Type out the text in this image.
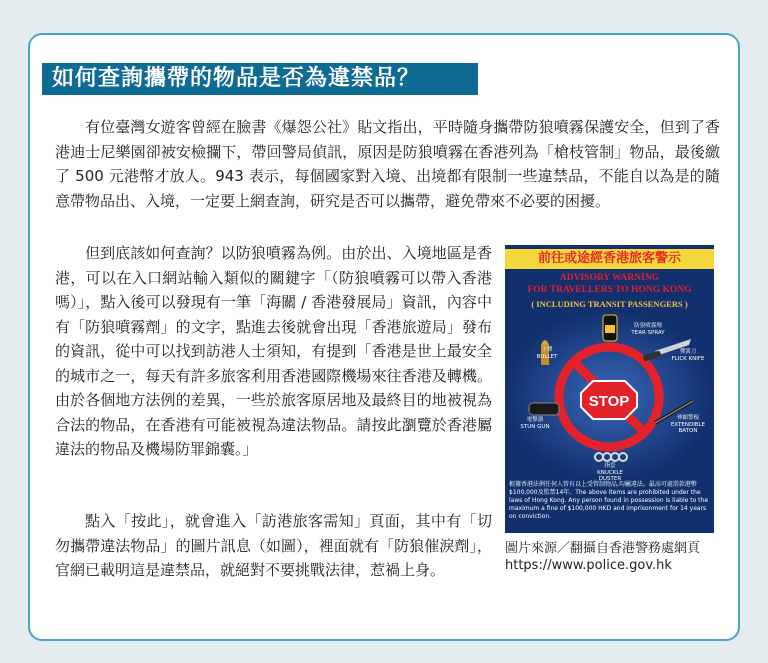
如何查詢攜帶的物品是否為違禁品？
有位臺灣女遊客曾經在臉書《爆怨公社》貼文指出，平時隨身攜帶防狼噴霧保護安全，但到了香港迪士尼樂園卻被安檢攔下，帶回警局偵訊，原因是防狼噴霧在香港列為「槍枝管制」物品，最後繳了 500 元港幣才放人。943 表示，每個國家對入境、出境都有限制一些違禁品，不能自以為是的隨意帶物品出、入境，一定要上網查詢，研究是否可以攜帶，避免帶來不必要的困擾。
但到底該如何查詢？以防狼噴霧為例。由於出、入境地區是香港，可以在入口網站輸入類似的關鍵字「（防狼噴霧可以帶入香港嗎）」，點入後可以發現有一筆「海關 / 香港發展局」資訊，內容中有「防狼噴霧劑」的文字，點進去後就會出現「香港旅遊局」發布的資訊，從中可以找到訪港人士須知，有提到「香港是世上最安全的城市之一，每天有許多旅客利用香港國際機場來往香港及轉機。由於各個地方法例的差異，一些於旅客原居地及最終目的地被視為合法的物品，在香港有可能被視為違法物品。請按此瀏覽於香港屬違法的物品及機場防罪錦囊。」
點入「按此」，就會進入「訪港旅客需知」頁面，其中有「切勿攜帶違法物品」的圖片訊息（如圖），裡面就有「防狼催淚劑」，官網已載明這是違禁品，就絕對不要挑戰法律，惹禍上身。
前往或途經香港旅客警示
ADVISORY WARNING
FOR TRAVELLERS TO HONG KONG
( INCLUDING TRANSIT PASSENGERS )
STOP
防狼噴霧劑
TEAR SPRAY
子彈
BULLET
彈簧刀
FLICK KNIFE
電擊器
STUN GUN
伸縮警棍
EXTENDIBLE
BATON
指套
KNUCKLE
DUSTER
根據香港法例任何人管有以上受管制物品,均屬違法。最高可處罰款港幣$100,000及監禁14年。The above items are prohibited under the laws of Hong Kong. Any person found in possession is liable to the maximum a fine of $100,000 HKD and imprisonment for 14 years on conviction.
圖片來源／翻攝自香港警務處網頁
https://www.police.gov.hk
